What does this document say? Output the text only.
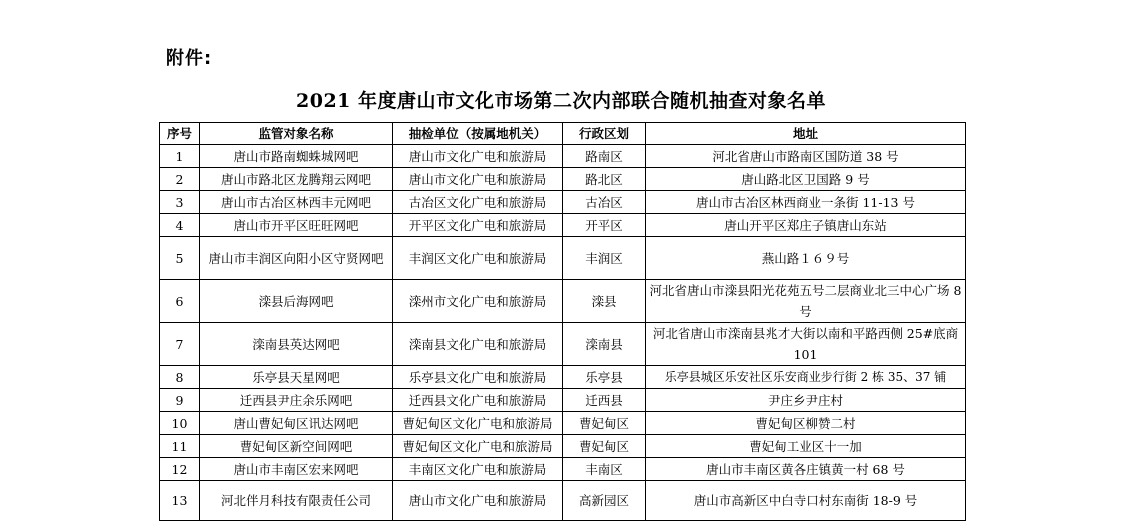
附件:
2021 年度唐山市文化市场第二次内部联合随机抽查对象名单
序号	监管对象名称	抽检单位（按属地机关）	行政区划	地址
1	唐山市路南蜘蛛城网吧	唐山市文化广电和旅游局	路南区	河北省唐山市路南区国防道 38 号
2	唐山市路北区龙腾翔云网吧	唐山市文化广电和旅游局	路北区	唐山路北区卫国路 9 号
3	唐山市古冶区林西丰元网吧	古冶区文化广电和旅游局	古冶区	唐山市古冶区林西商业一条街 11-13 号
4	唐山市开平区旺旺网吧	开平区文化广电和旅游局	开平区	唐山开平区郑庄子镇唐山东站
5	唐山市丰润区向阳小区守贤网吧	丰润区文化广电和旅游局	丰润区	燕山路１６９号
6	滦县后海网吧	滦州市文化广电和旅游局	滦县	河北省唐山市滦县阳光花苑五号二层商业北三中心广场 8 号
7	滦南县英达网吧	滦南县文化广电和旅游局	滦南县	河北省唐山市滦南县兆才大街以南和平路西侧 25#底商 101
8	乐亭县天星网吧	乐亭县文化广电和旅游局	乐亭县	乐亭县城区乐安社区乐安商业步行街 2 栋 35、37 铺
9	迁西县尹庄余乐网吧	迁西县文化广电和旅游局	迁西县	尹庄乡尹庄村
10	唐山曹妃甸区讯达网吧	曹妃甸区文化广电和旅游局	曹妃甸区	曹妃甸区柳赞二村
11	曹妃甸区新空间网吧	曹妃甸区文化广电和旅游局	曹妃甸区	曹妃甸工业区十一加
12	唐山市丰南区宏来网吧	丰南区文化广电和旅游局	丰南区	唐山市丰南区黄各庄镇黄一村 68 号
13	河北伴月科技有限责任公司	唐山市文化广电和旅游局	高新园区	唐山市高新区中白寺口村东南街 18-9 号
